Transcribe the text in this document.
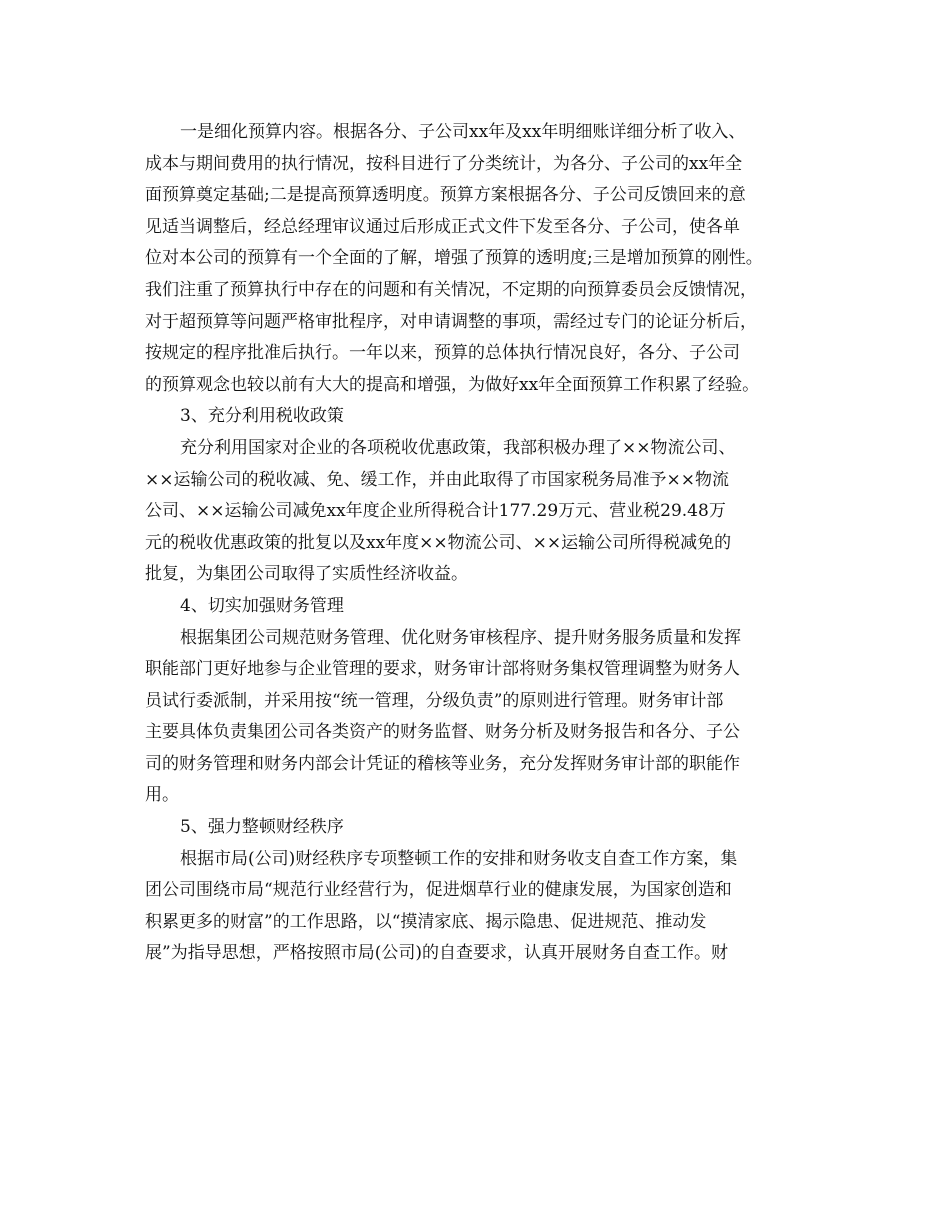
一是细化预算内容。根据各分、子公司xx年及xx年明细账详细分析了收入、
成本与期间费用的执行情况，按科目进行了分类统计，为各分、子公司的xx年全
面预算奠定基础;二是提高预算透明度。预算方案根据各分、子公司反馈回来的意
见适当调整后，经总经理审议通过后形成正式文件下发至各分、子公司，使各单
位对本公司的预算有一个全面的了解，增强了预算的透明度;三是增加预算的刚性。
我们注重了预算执行中存在的问题和有关情况，不定期的向预算委员会反馈情况，
对于超预算等问题严格审批程序，对申请调整的事项，需经过专门的论证分析后，
按规定的程序批准后执行。一年以来，预算的总体执行情况良好，各分、子公司
的预算观念也较以前有大大的提高和增强，为做好xx年全面预算工作积累了经验。
3、充分利用税收政策
充分利用国家对企业的各项税收优惠政策，我部积极办理了××物流公司、
××运输公司的税收减、免、缓工作，并由此取得了市国家税务局准予××物流
公司、××运输公司减免xx年度企业所得税合计177.29万元、营业税29.48万
元的税收优惠政策的批复以及xx年度××物流公司、××运输公司所得税减免的
批复，为集团公司取得了实质性经济收益。
4、切实加强财务管理
根据集团公司规范财务管理、优化财务审核程序、提升财务服务质量和发挥
职能部门更好地参与企业管理的要求，财务审计部将财务集权管理调整为财务人
员试行委派制，并采用按“统一管理，分级负责”的原则进行管理。财务审计部
主要具体负责集团公司各类资产的财务监督、财务分析及财务报告和各分、子公
司的财务管理和财务内部会计凭证的稽核等业务，充分发挥财务审计部的职能作
用。
5、强力整顿财经秩序
根据市局(公司)财经秩序专项整顿工作的安排和财务收支自查工作方案，集
团公司围绕市局“规范行业经营行为，促进烟草行业的健康发展，为国家创造和
积累更多的财富”的工作思路，以“摸清家底、揭示隐患、促进规范、推动发
展”为指导思想，严格按照市局(公司)的自查要求，认真开展财务自查工作。财
